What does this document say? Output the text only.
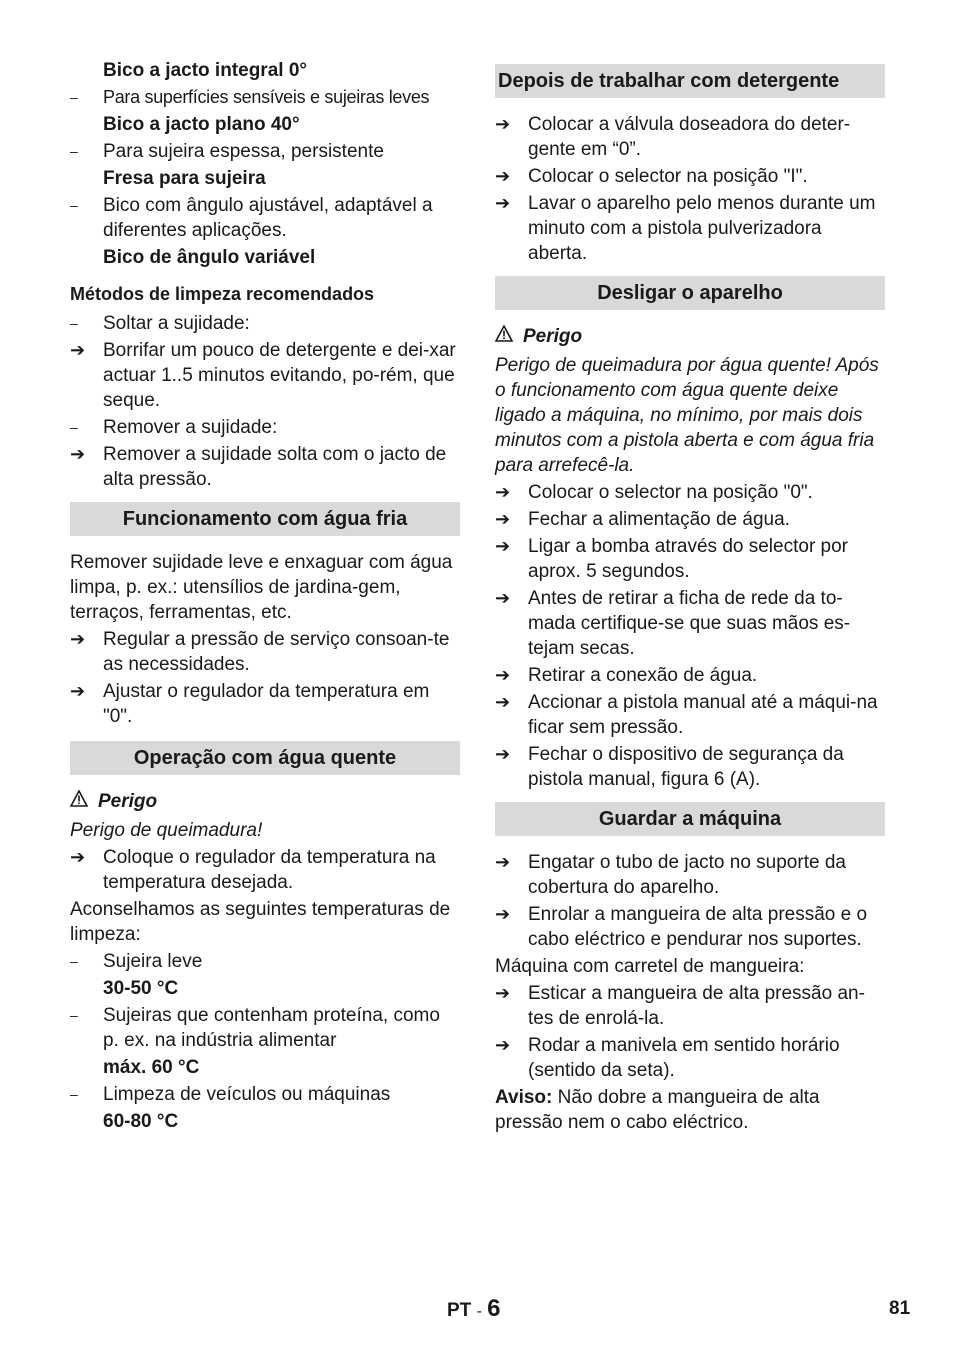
Bico a jacto integral 0°
– Para superfícies sensíveis e sujeiras leves
Bico a jacto plano 40°
– Para sujeira espessa, persistente
Fresa para sujeira
– Bico com ângulo ajustável, adaptável a diferentes aplicações.
Bico de ângulo variável
Métodos de limpeza recomendados
– Soltar a sujidade:
➔ Borrifar um pouco de detergente e dei-xar actuar 1..5 minutos evitando, po-rém, que seque.
– Remover a sujidade:
➔ Remover a sujidade solta com o jacto de alta pressão.
Funcionamento com água fria
Remover sujidade leve e enxaguar com água limpa, p. ex.: utensílios de jardina-gem, terraços, ferramentas, etc.
➔ Regular a pressão de serviço consoan-te as necessidades.
➔ Ajustar o regulador da temperatura em "0".
Operação com água quente
Perigo
Perigo de queimadura!
➔ Coloque o regulador da temperatura na temperatura desejada.
Aconselhamos as seguintes temperaturas de limpeza:
– Sujeira leve
30-50 °C
– Sujeiras que contenham proteína, como p. ex. na indústria alimentar
máx. 60 °C
– Limpeza de veículos ou máquinas
60-80 °C
Depois de trabalhar com detergente
➔ Colocar a válvula doseadora do deter-gente em “0”.
➔ Colocar o selector na posição "I".
➔ Lavar o aparelho pelo menos durante um minuto com a pistola pulverizadora aberta.
Desligar o aparelho
Perigo
Perigo de queimadura por água quente! Após o funcionamento com água quente deixe ligado a máquina, no mínimo, por mais dois minutos com a pistola aberta e com água fria para arrefecê-la.
➔ Colocar o selector na posição "0".
➔ Fechar a alimentação de água.
➔ Ligar a bomba através do selector por aprox. 5 segundos.
➔ Antes de retirar a ficha de rede da to-mada certifique-se que suas mãos es-tejam secas.
➔ Retirar a conexão de água.
➔ Accionar a pistola manual até a máqui-na ficar sem pressão.
➔ Fechar o dispositivo de segurança da pistola manual, figura 6 (A).
Guardar a máquina
➔ Engatar o tubo de jacto no suporte da cobertura do aparelho.
➔ Enrolar a mangueira de alta pressão e o cabo eléctrico e pendurar nos suportes.
Máquina com carretel de mangueira:
➔ Esticar a mangueira de alta pressão an-tes de enrolá-la.
➔ Rodar a manivela em sentido horário (sentido da seta).
Aviso: Não dobre a mangueira de alta pressão nem o cabo eléctrico.
PT - 6	81
